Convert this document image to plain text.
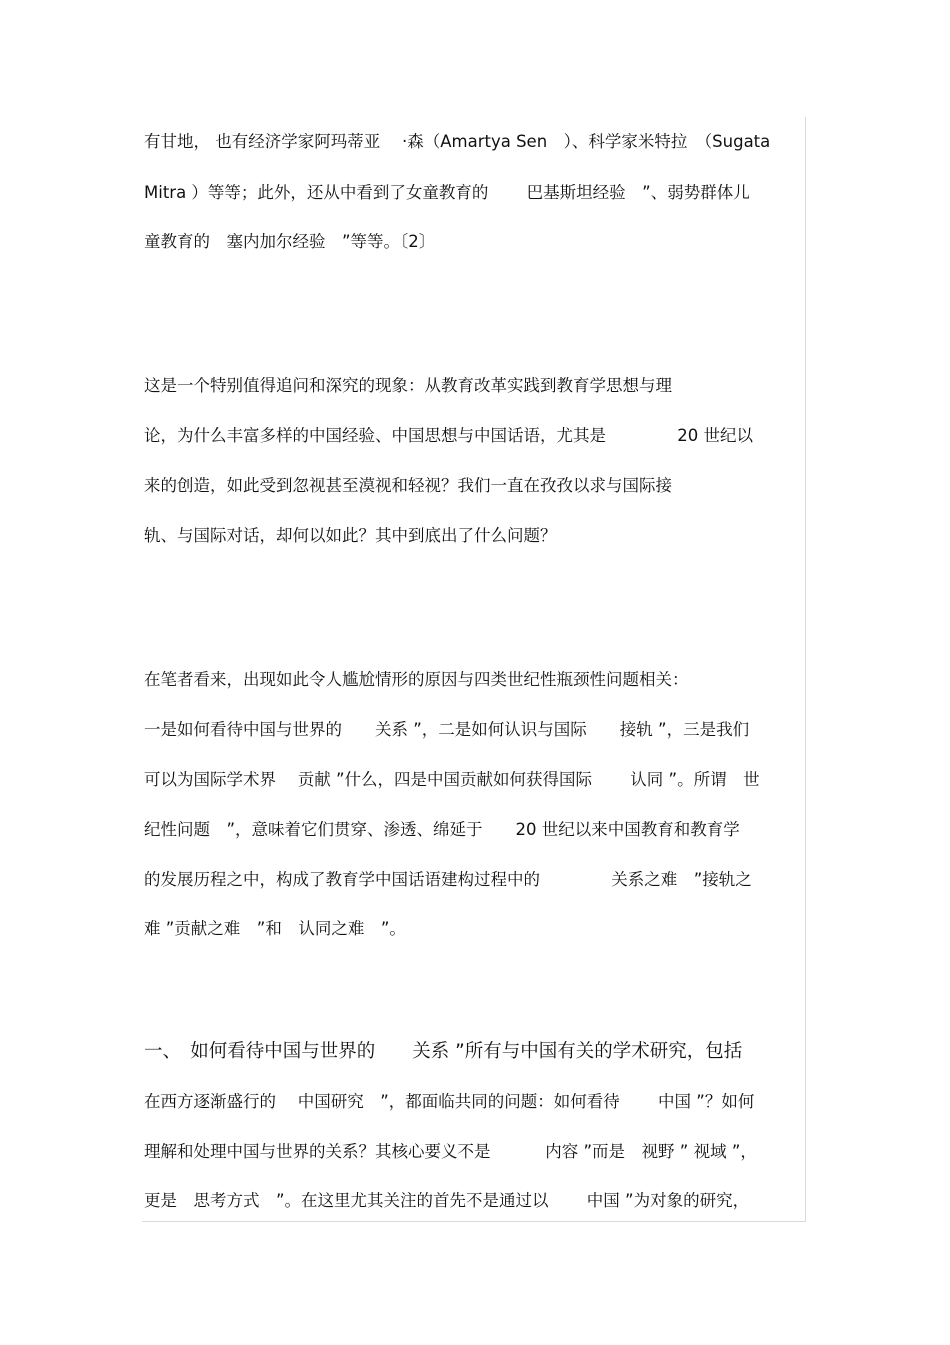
有甘地， 也有经济学家阿玛蒂亚　 ·森（Amartya Sen　）、科学家米特拉　（Sugata
Mitra ）等等；此外，还从中看到了女童教育的　　 巴基斯坦经验　”、弱势群体儿
童教育的　塞内加尔经验　”等等。〔2〕
这是一个特别值得追问和深究的现象：从教育改革实践到教育学思想与理
论，为什么丰富多样的中国经验、中国思想与中国话语，尤其是　　　　 20 世纪以
来的创造，如此受到忽视甚至漠视和轻视？我们一直在孜孜以求与国际接
轨、与国际对话，却何以如此？其中到底出了什么问题？
在笔者看来，出现如此令人尴尬情形的原因与四类世纪性瓶颈性问题相关：
一是如何看待中国与世界的　　关系 ”，二是如何认识与国际　　接轨 ”，三是我们
可以为国际学术界　 贡献 ”什么，四是中国贡献如何获得国际　　 认同 ”。所谓　世
纪性问题　”，意味着它们贯穿、渗透、绵延于　　20 世纪以来中国教育和教育学
的发展历程之中，构成了教育学中国话语建构过程中的　　　　 关系之难　”接轨之
难 ”贡献之难　”和　认同之难　”。
一、　如何看待中国与世界的　　关系 ”所有与中国有关的学术研究，包括
在西方逐渐盛行的　 中国研究　”，都面临共同的问题：如何看待　　 中国 ”？如何
理解和处理中国与世界的关系？其核心要义不是　　　 内容 ”而是　视野 ” 视域 ”，
更是　思考方式　”。在这里尤其关注的首先不是通过以　　 中国 ”为对象的研究，
